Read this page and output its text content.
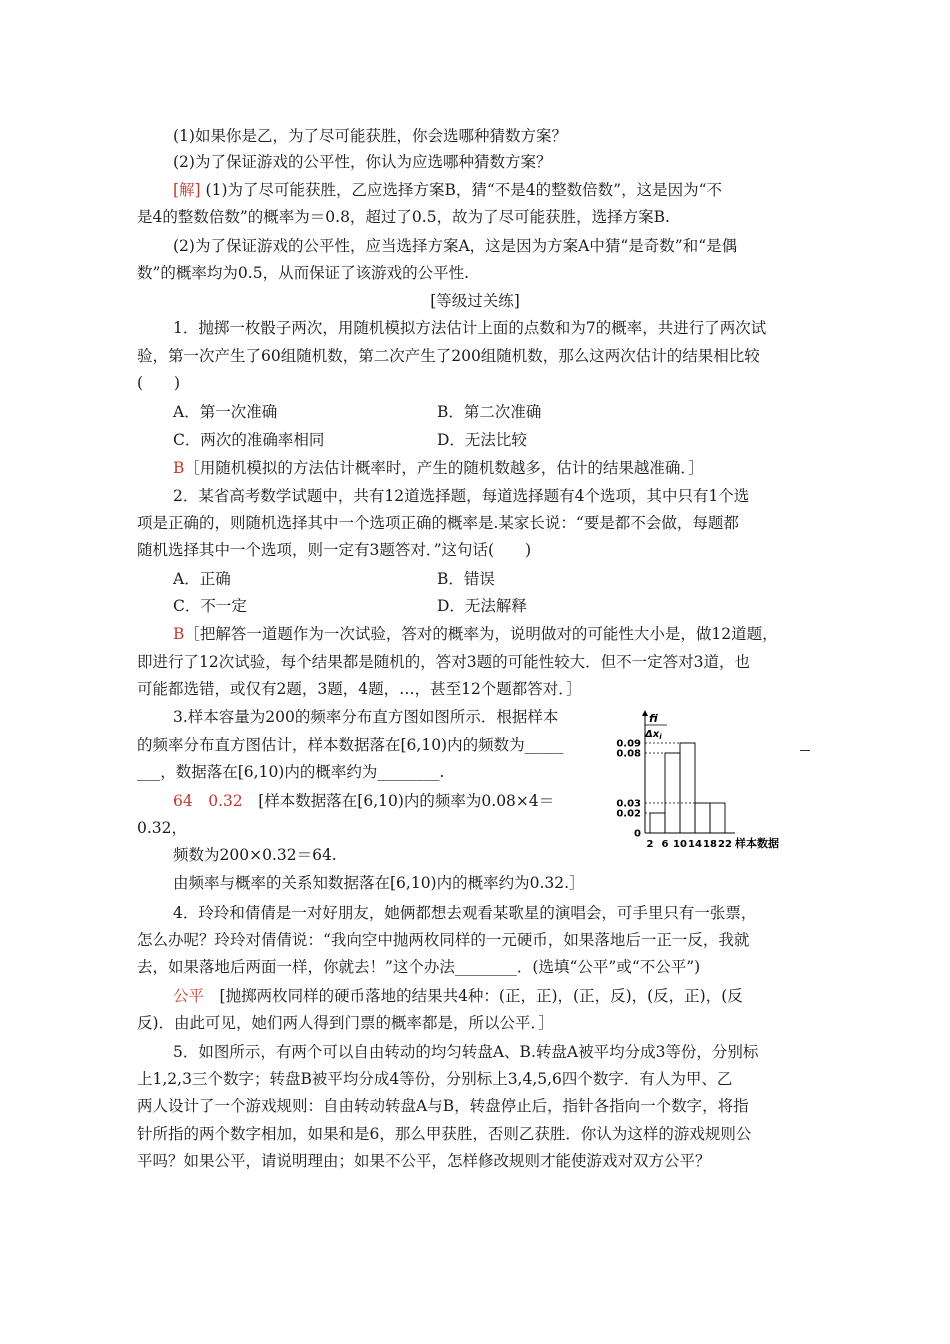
(1)如果你是乙，为了尽可能获胜，你会选哪种猜数方案？
(2)为了保证游戏的公平性，你认为应选哪种猜数方案？
[解] (1)为了尽可能获胜，乙应选择方案B，猜“不是4的整数倍数”，这是因为“不
是4的整数倍数”的概率为＝0.8，超过了0.5，故为了尽可能获胜，选择方案B.
(2)为了保证游戏的公平性，应当选择方案A，这是因为方案A中猜“是奇数”和“是偶
数”的概率均为0.5，从而保证了该游戏的公平性.
[等级过关练]
1．抛掷一枚骰子两次，用随机模拟方法估计上面的点数和为7的概率，共进行了两次试
验，第一次产生了60组随机数，第二次产生了200组随机数，那么这两次估计的结果相比较
(　　)
A．第一次准确	B．第二次准确
C．两次的准确率相同	D．无法比较
B［用随机模拟的方法估计概率时，产生的随机数越多，估计的结果越准确．］
2．某省高考数学试题中，共有12道选择题，每道选择题有4个选项，其中只有1个选
项是正确的，则随机选择其中一个选项正确的概率是.某家长说：“要是都不会做，每题都
随机选择其中一个选项，则一定有3题答对．”这句话(　　)
A．正确	B．错误
C．不一定	D．无法解释
B［把解答一道题作为一次试验，答对的概率为，说明做对的可能性大小是，做12道题，
即进行了12次试验，每个结果都是随机的，答对3题的可能性较大．但不一定答对3道，也
可能都选错，或仅有2题，3题，4题，…，甚至12个题都答对．］
3.样本容量为200的频率分布直方图如图所示．根据样本
的频率分布直方图估计，样本数据落在[6,10)内的频数为_____
___，数据落在[6,10)内的概率约为________.
64　0.32　[样本数据落在[6,10)内的频率为0.08×4＝
0.32，
频数为200×0.32＝64.
由频率与概率的关系知数据落在[6,10)内的概率约为0.32.］
fi
$\Delta x_i$
0.09
0.08
0.03
0.02
0
2 6 10 14 18 22 样本数据
4．玲玲和倩倩是一对好朋友，她俩都想去观看某歌星的演唱会，可手里只有一张票，
怎么办呢？玲玲对倩倩说：“我向空中抛两枚同样的一元硬币，如果落地后一正一反，我就
去，如果落地后两面一样，你就去！”这个办法________．(选填“公平”或“不公平”)
公平　[抛掷两枚同样的硬币落地的结果共4种：(正，正)，(正，反)，(反，正)，(反
反)．由此可见，她们两人得到门票的概率都是，所以公平．］
5．如图所示，有两个可以自由转动的均匀转盘A、B.转盘A被平均分成3等份，分别标
上1,2,3三个数字；转盘B被平均分成4等份，分别标上3,4,5,6四个数字．有人为甲、乙
两人设计了一个游戏规则：自由转动转盘A与B，转盘停止后，指针各指向一个数字，将指
针所指的两个数字相加，如果和是6，那么甲获胜，否则乙获胜．你认为这样的游戏规则公
平吗？如果公平，请说明理由；如果不公平，怎样修改规则才能使游戏对双方公平？
